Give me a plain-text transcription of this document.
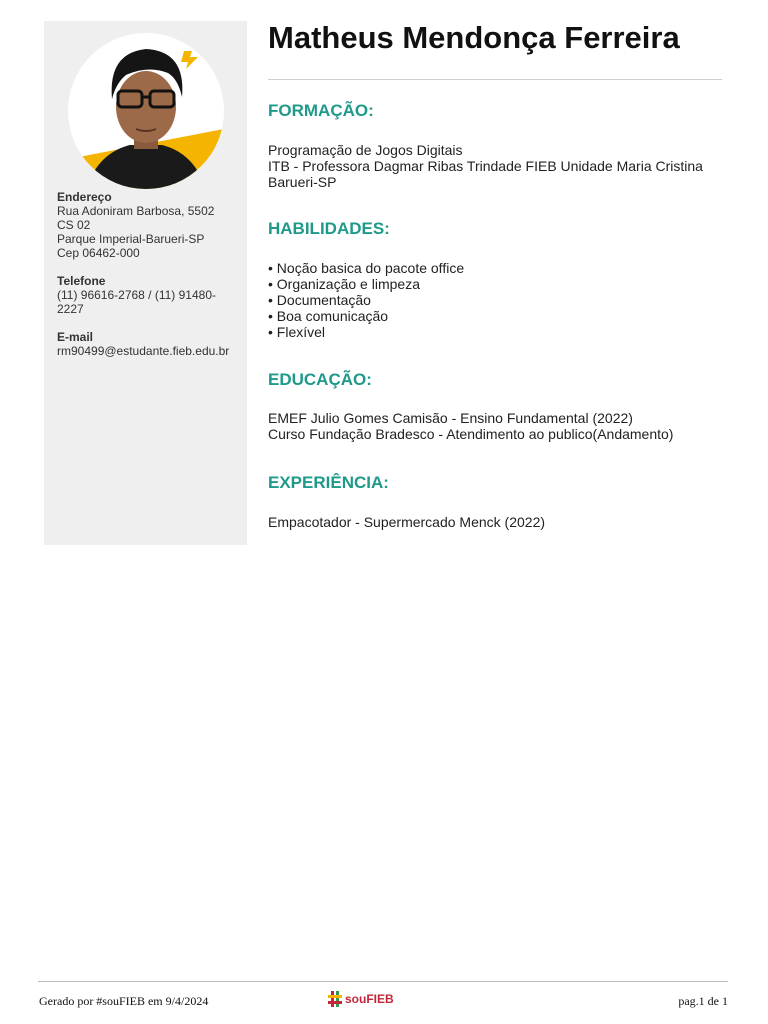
Endereço
Rua Adoniram Barbosa, 5502
CS 02
Parque Imperial-Barueri-SP
Cep 06462-000
Telefone
(11) 96616-2768 / (11) 91480-
2227
E-mail
rm90499@estudante.fieb.edu.br
Matheus Mendonça Ferreira
FORMAÇÃO:
Programação de Jogos Digitais
ITB - Professora Dagmar Ribas Trindade FIEB Unidade Maria Cristina
Barueri-SP
HABILIDADES:
• Noção basica do pacote office
• Organização e limpeza
• Documentação
• Boa comunicação
• Flexível
EDUCAÇÃO:
EMEF Julio Gomes Camisão - Ensino Fundamental (2022)
Curso Fundação Bradesco - Atendimento ao publico(Andamento)
EXPERIÊNCIA:
Empacotador - Supermercado Menck (2022)
Gerado por #souFIEB em 9/4/2024	souFIEB	pag.1 de 1
